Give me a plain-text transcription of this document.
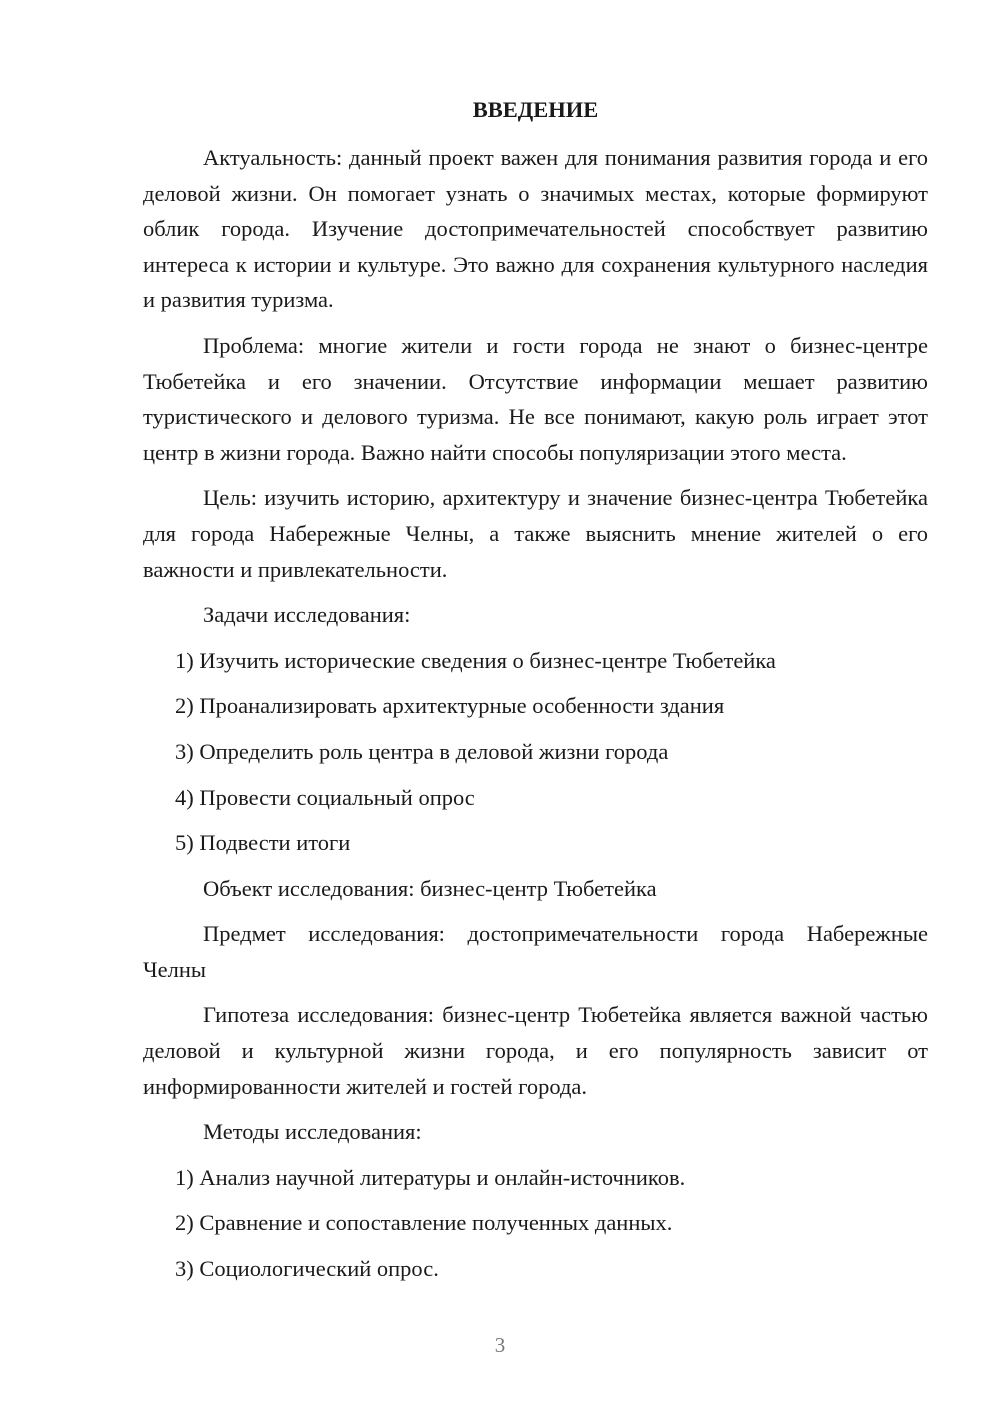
ВВЕДЕНИЕ

Актуальность: данный проект важен для понимания развития города и его деловой жизни. Он помогает узнать о значимых местах, которые формируют облик города. Изучение достопримечательностей способствует развитию интереса к истории и культуре. Это важно для сохранения культурного наследия и развития туризма.

Проблема: многие жители и гости города не знают о бизнес-центре Тюбетейка и его значении. Отсутствие информации мешает развитию туристического и делового туризма. Не все понимают, какую роль играет этот центр в жизни города. Важно найти способы популяризации этого места.

Цель: изучить историю, архитектуру и значение бизнес-центра Тюбетейка для города Набережные Челны, а также выяснить мнение жителей о его важности и привлекательности.

Задачи исследования:

1) Изучить исторические сведения о бизнес-центре Тюбетейка
2) Проанализировать архитектурные особенности здания
3) Определить роль центра в деловой жизни города
4) Провести социальный опрос
5) Подвести итоги

Объект исследования: бизнес-центр Тюбетейка

Предмет исследования: достопримечательности города Набережные Челны

Гипотеза исследования: бизнес-центр Тюбетейка является важной частью деловой и культурной жизни города, и его популярность зависит от информированности жителей и гостей города.

Методы исследования:

1) Анализ научной литературы и онлайн-источников.
2) Сравнение и сопоставление полученных данных.
3) Социологический опрос.
3
